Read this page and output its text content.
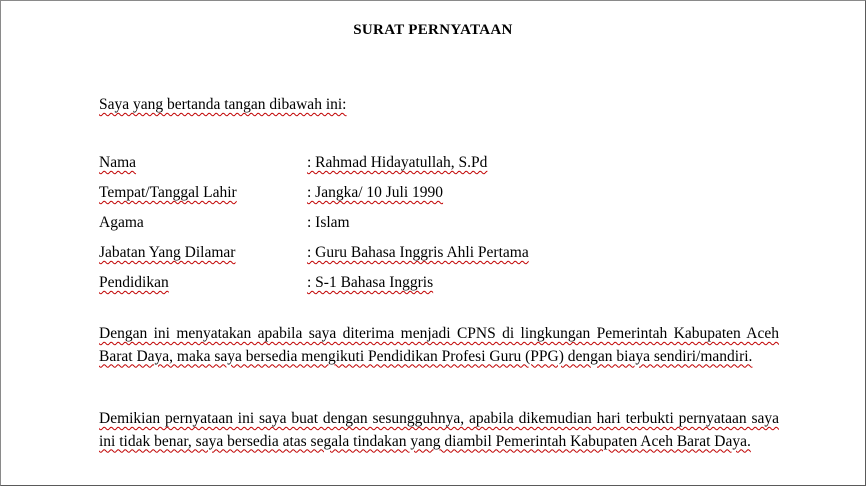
SURAT PERNYATAAN
Saya yang bertanda tangan dibawah ini:
Nama	: Rahmad Hidayatullah, S.Pd
Tempat/Tanggal Lahir	: Jangka/ 10 Juli 1990
Agama	: Islam
Jabatan Yang Dilamar	: Guru Bahasa Inggris Ahli Pertama
Pendidikan	: S-1 Bahasa Inggris
Dengan ini menyatakan apabila saya diterima menjadi CPNS di lingkungan Pemerintah Kabupaten Aceh Barat Daya, maka saya bersedia mengikuti Pendidikan Profesi Guru (PPG) dengan biaya sendiri/mandiri.
Demikian pernyataan ini saya buat dengan sesungguhnya, apabila dikemudian hari terbukti pernyataan saya ini tidak benar, saya bersedia atas segala tindakan yang diambil Pemerintah Kabupaten Aceh Barat Daya.
